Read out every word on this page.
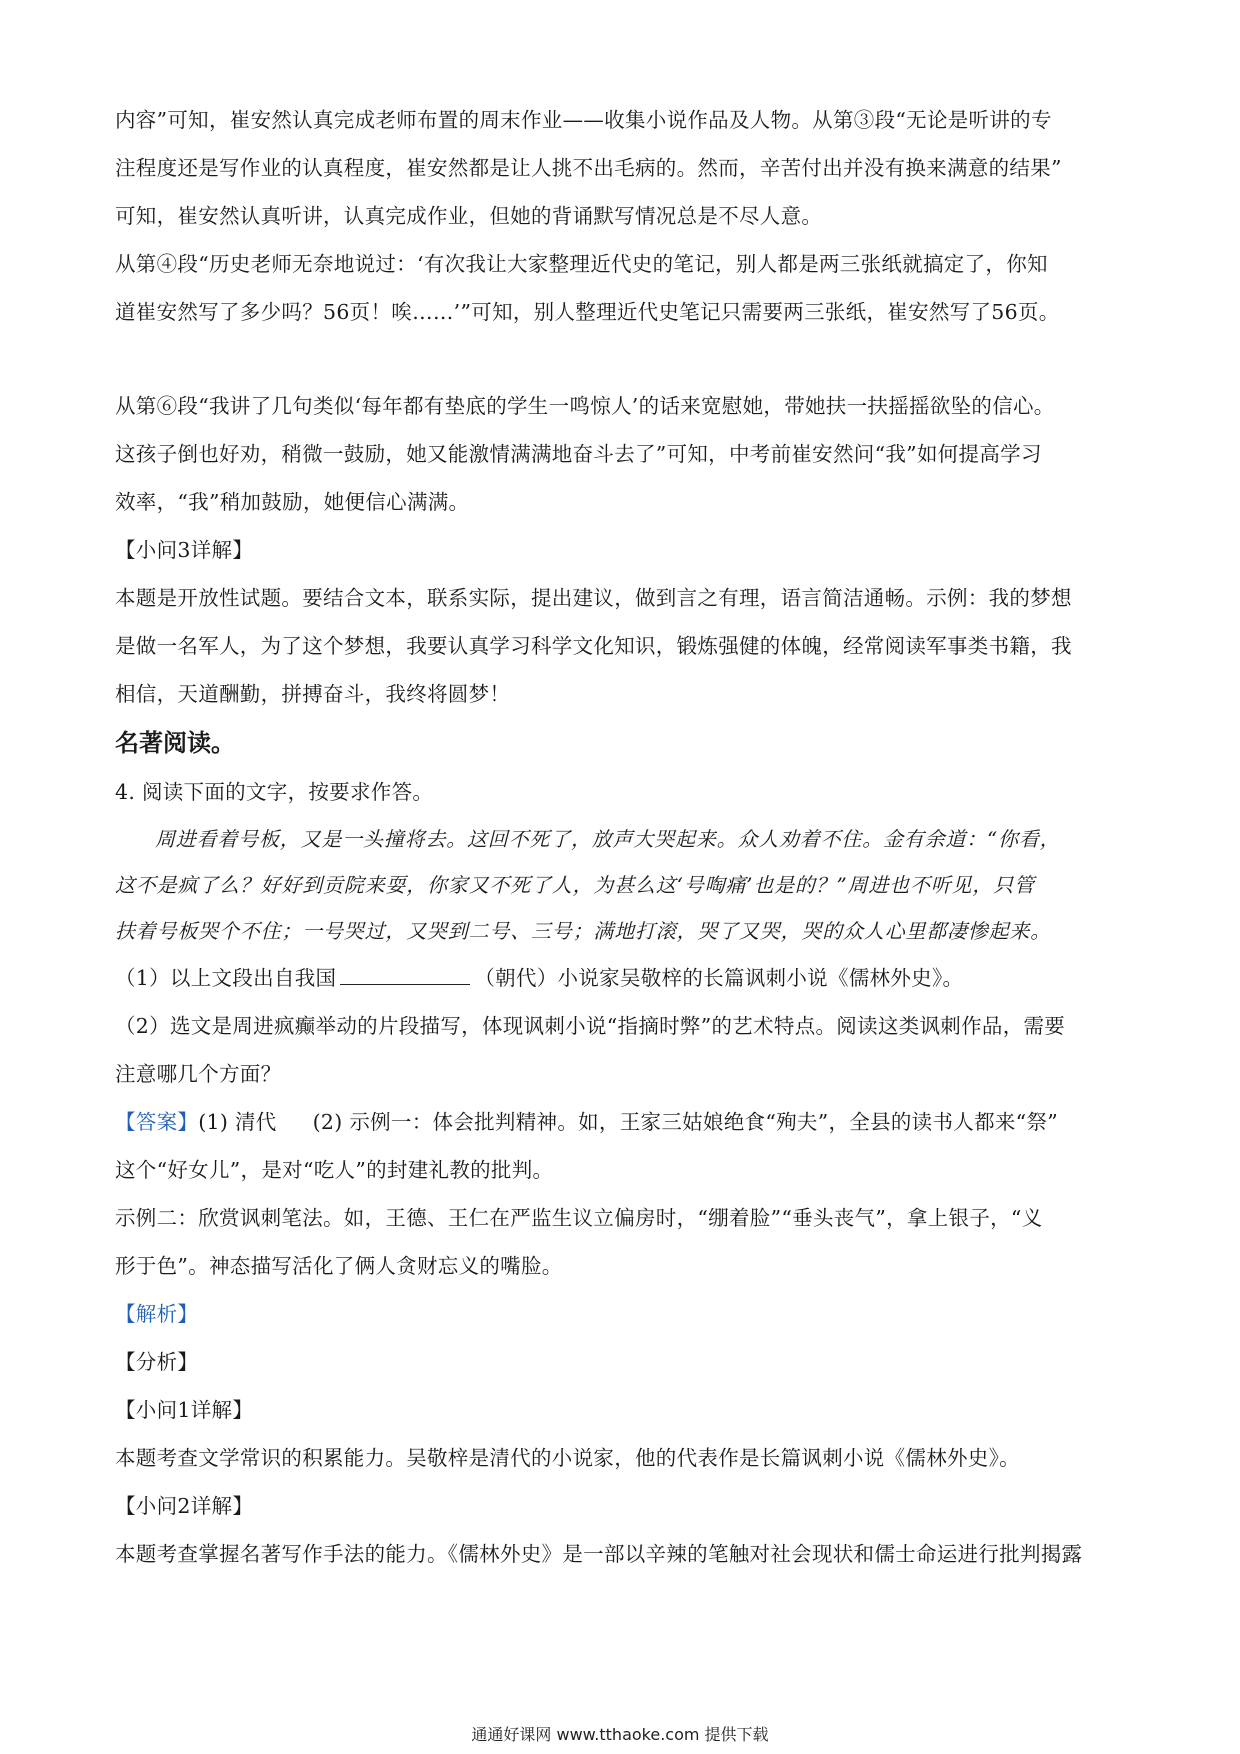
内容”可知，崔安然认真完成老师布置的周末作业——收集小说作品及人物。从第③段“无论是听讲的专
注程度还是写作业的认真程度，崔安然都是让人挑不出毛病的。然而，辛苦付出并没有换来满意的结果”
可知，崔安然认真听讲，认真完成作业，但她的背诵默写情况总是不尽人意。
从第④段“历史老师无奈地说过：‘有次我让大家整理近代史的笔记，别人都是两三张纸就搞定了，你知
道崔安然写了多少吗？56页！唉……’”可知，别人整理近代史笔记只需要两三张纸，崔安然写了56页。
从第⑥段“我讲了几句类似‘每年都有垫底的学生一鸣惊人’的话来宽慰她，带她扶一扶摇摇欲坠的信心。
这孩子倒也好劝，稍微一鼓励，她又能激情满满地奋斗去了”可知，中考前崔安然问“我”如何提高学习
效率，“我”稍加鼓励，她便信心满满。
【小问3详解】
本题是开放性试题。要结合文本，联系实际，提出建议，做到言之有理，语言简洁通畅。示例：我的梦想
是做一名军人，为了这个梦想，我要认真学习科学文化知识，锻炼强健的体魄，经常阅读军事类书籍，我
相信，天道酬勤，拼搏奋斗，我终将圆梦！
名著阅读。
4. 阅读下面的文字，按要求作答。
周进看着号板，又是一头撞将去。这回不死了，放声大哭起来。众人劝着不住。金有余道：“你看，
这不是疯了么？好好到贡院来耍，你家又不死了人，为甚么这‘号啕痛’也是的？”周进也不听见，只管
扶着号板哭个不住；一号哭过，又哭到二号、三号；满地打滚，哭了又哭，哭的众人心里都凄惨起来。
（1）以上文段出自我国	（朝代）小说家吴敬梓的长篇讽刺小说《儒林外史》。
（2）选文是周进疯癫举动的片段描写，体现讽刺小说“指摘时弊”的艺术特点。阅读这类讽刺作品，需要
注意哪几个方面？
【答案】(1) 清代 (2) 示例一：体会批判精神。如，王家三姑娘绝食“殉夫”，全县的读书人都来“祭”
这个“好女儿”，是对“吃人”的封建礼教的批判。
示例二：欣赏讽刺笔法。如，王德、王仁在严监生议立偏房时，“绷着脸”“垂头丧气”，拿上银子，“义
形于色”。神态描写活化了俩人贪财忘义的嘴脸。
【解析】
【分析】
【小问1详解】
本题考查文学常识的积累能力。吴敬梓是清代的小说家，他的代表作是长篇讽刺小说《儒林外史》。
【小问2详解】
本题考查掌握名著写作手法的能力。《儒林外史》是一部以辛辣的笔触对社会现状和儒士命运进行批判揭露
通通好课网 www.tthaoke.com 提供下载
